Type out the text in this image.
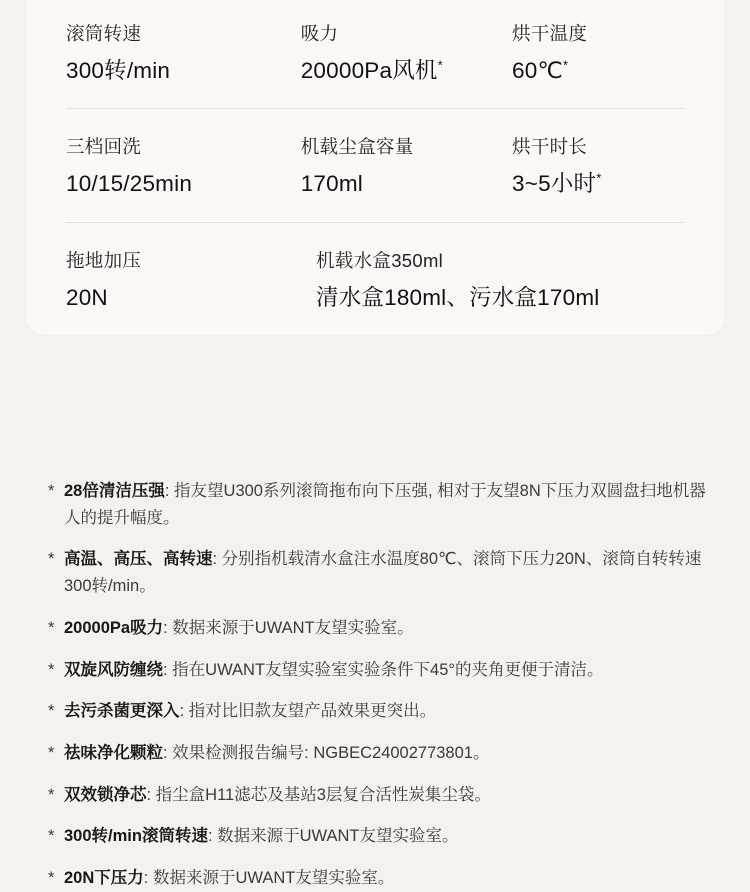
滚筒转速
300转/min
吸力
20000Pa风机*
烘干温度
60℃*
三档回洗
10/15/25min
机载尘盒容量
170ml
烘干时长
3~5小时*
拖地加压
20N
机载水盒350ml
清水盒180ml、污水盒170ml
* 28倍清洁压强: 指友望U300系列滚筒拖布向下压强, 相对于友望8N下压力双圆盘扫地机器人的提升幅度。
* 高温、高压、高转速: 分别指机载清水盒注水温度80℃、滚筒下压力20N、滚筒自转转速300转/min。
* 20000Pa吸力: 数据来源于UWANT友望实验室。
* 双旋风防缠绕: 指在UWANT友望实验室实验条件下45°的夹角更便于清洁。
* 去污杀菌更深入: 指对比旧款友望产品效果更突出。
* 祛味净化颗粒: 效果检测报告编号: NGBEC24002773801。
* 双效锁净芯: 指尘盒H11滤芯及基站3层复合活性炭集尘袋。
* 300转/min滚筒转速: 数据来源于UWANT友望实验室。
* 20N下压力: 数据来源于UWANT友望实验室。
